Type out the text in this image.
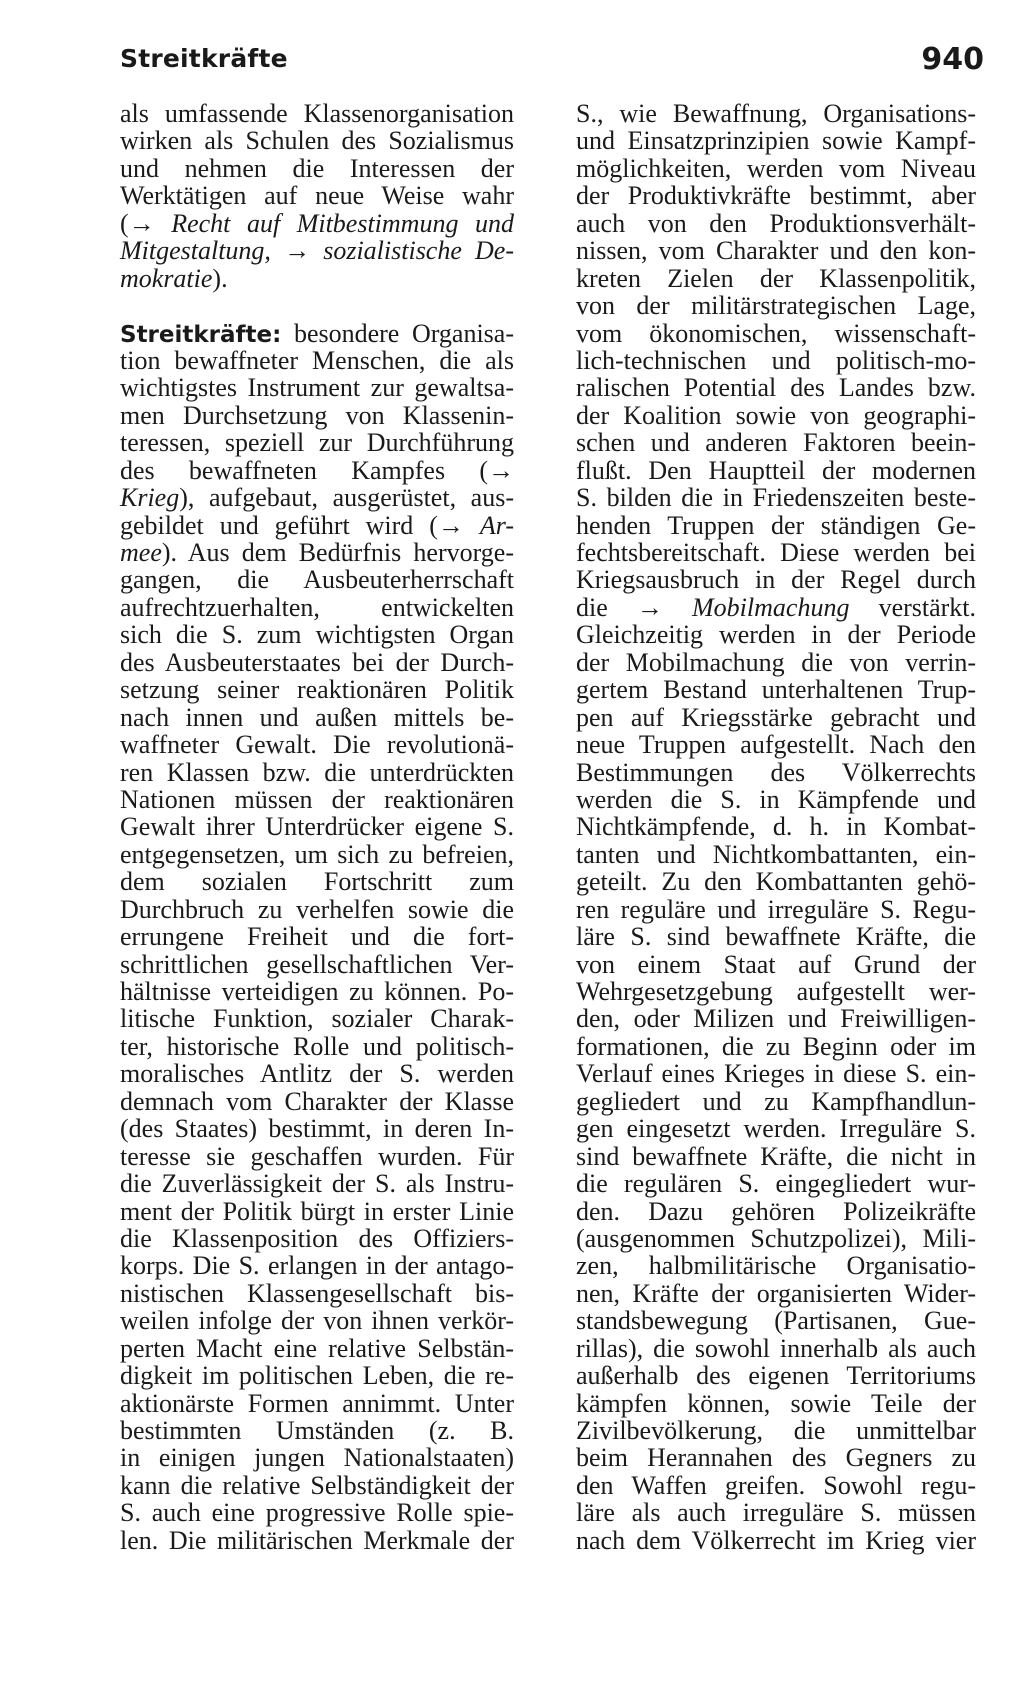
Streitkräfte	940
als umfassende Klassenorganisation
wirken als Schulen des Sozialismus
und nehmen die Interessen der
Werktätigen auf neue Weise wahr
(→ Recht auf Mitbestimmung und
Mitgestaltung, → sozialistische De-
mokratie).
Streitkräfte: besondere Organisa-
tion bewaffneter Menschen, die als
wichtigstes Instrument zur gewaltsa-
men Durchsetzung von Klassenin-
teressen, speziell zur Durchführung
des bewaffneten Kampfes (→
Krieg), aufgebaut, ausgerüstet, aus-
gebildet und geführt wird (→ Ar-
mee). Aus dem Bedürfnis hervorge-
gangen, die Ausbeuterherrschaft
aufrechtzuerhalten, entwickelten
sich die S. zum wichtigsten Organ
des Ausbeuterstaates bei der Durch-
setzung seiner reaktionären Politik
nach innen und außen mittels be-
waffneter Gewalt. Die revolutionä-
ren Klassen bzw. die unterdrückten
Nationen müssen der reaktionären
Gewalt ihrer Unterdrücker eigene S.
entgegensetzen, um sich zu befreien,
dem sozialen Fortschritt zum
Durchbruch zu verhelfen sowie die
errungene Freiheit und die fort-
schrittlichen gesellschaftlichen Ver-
hältnisse verteidigen zu können. Po-
litische Funktion, sozialer Charak-
ter, historische Rolle und politisch-
moralisches Antlitz der S. werden
demnach vom Charakter der Klasse
(des Staates) bestimmt, in deren In-
teresse sie geschaffen wurden. Für
die Zuverlässigkeit der S. als Instru-
ment der Politik bürgt in erster Linie
die Klassenposition des Offiziers-
korps. Die S. erlangen in der antago-
nistischen Klassengesellschaft bis-
weilen infolge der von ihnen verkör-
perten Macht eine relative Selbstän-
digkeit im politischen Leben, die re-
aktionärste Formen annimmt. Unter
bestimmten Umständen (z. B.
in einigen jungen Nationalstaaten)
kann die relative Selbständigkeit der
S. auch eine progressive Rolle spie-
len. Die militärischen Merkmale der
S., wie Bewaffnung, Organisations-
und Einsatzprinzipien sowie Kampf-
möglichkeiten, werden vom Niveau
der Produktivkräfte bestimmt, aber
auch von den Produktionsverhält-
nissen, vom Charakter und den kon-
kreten Zielen der Klassenpolitik,
von der militärstrategischen Lage,
vom ökonomischen, wissenschaft-
lich-technischen und politisch-mo-
ralischen Potential des Landes bzw.
der Koalition sowie von geographi-
schen und anderen Faktoren beein-
flußt. Den Hauptteil der modernen
S. bilden die in Friedenszeiten beste-
henden Truppen der ständigen Ge-
fechtsbereitschaft. Diese werden bei
Kriegsausbruch in der Regel durch
die → Mobilmachung verstärkt.
Gleichzeitig werden in der Periode
der Mobilmachung die von verrin-
gertem Bestand unterhaltenen Trup-
pen auf Kriegsstärke gebracht und
neue Truppen aufgestellt. Nach den
Bestimmungen des Völkerrechts
werden die S. in Kämpfende und
Nichtkämpfende, d. h. in Kombat-
tanten und Nichtkombattanten, ein-
geteilt. Zu den Kombattanten gehö-
ren reguläre und irreguläre S. Regu-
läre S. sind bewaffnete Kräfte, die
von einem Staat auf Grund der
Wehrgesetzgebung aufgestellt wer-
den, oder Milizen und Freiwilligen-
formationen, die zu Beginn oder im
Verlauf eines Krieges in diese S. ein-
gegliedert und zu Kampfhandlun-
gen eingesetzt werden. Irreguläre S.
sind bewaffnete Kräfte, die nicht in
die regulären S. eingegliedert wur-
den. Dazu gehören Polizeikräfte
(ausgenommen Schutzpolizei), Mili-
zen, halbmilitärische Organisatio-
nen, Kräfte der organisierten Wider-
standsbewegung (Partisanen, Gue-
rillas), die sowohl innerhalb als auch
außerhalb des eigenen Territoriums
kämpfen können, sowie Teile der
Zivilbevölkerung, die unmittelbar
beim Herannahen des Gegners zu
den Waffen greifen. Sowohl regu-
läre als auch irreguläre S. müssen
nach dem Völkerrecht im Krieg vier
